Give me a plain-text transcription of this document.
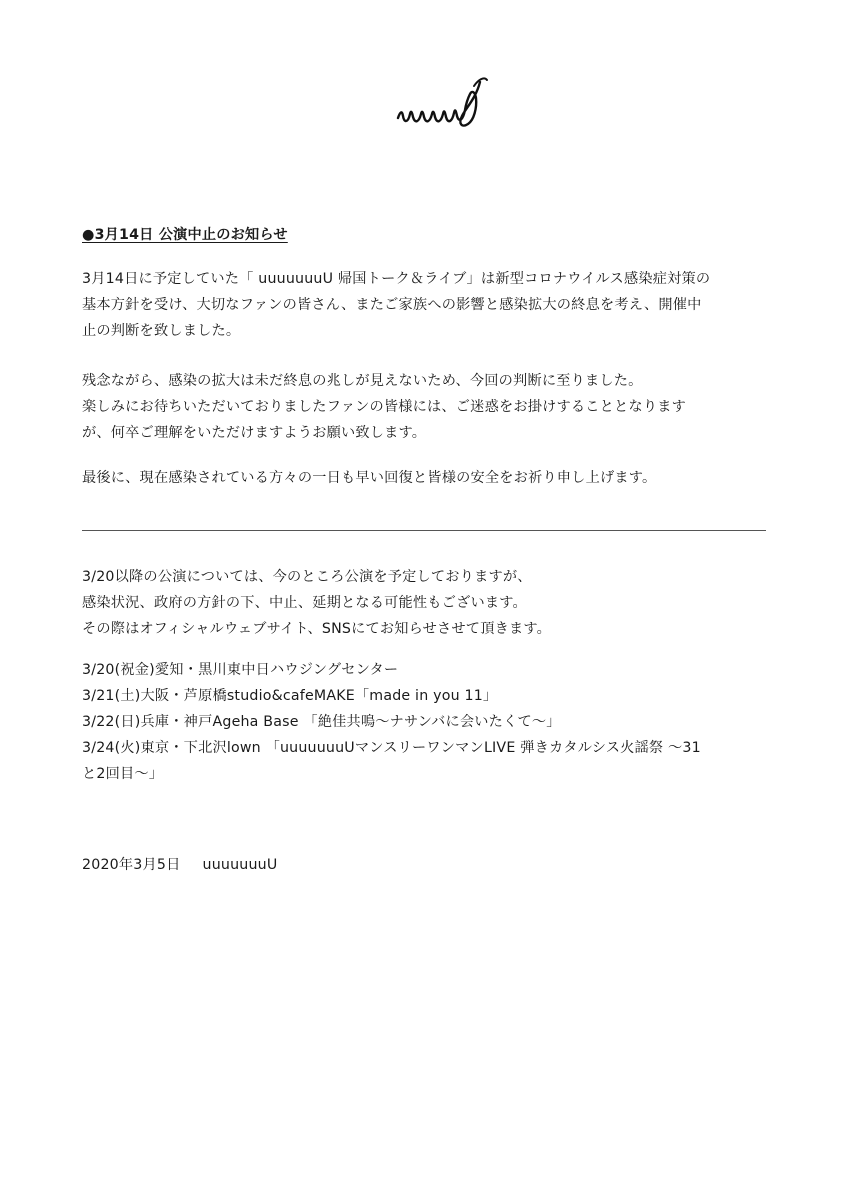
●3月14日 公演中止のお知らせ

3月14日に予定していた「 uuuuuuuU 帰国トーク＆ライブ」は新型コロナウイルス感染症対策の

基本方針を受け、大切なファンの皆さん、またご家族への影響と感染拡大の終息を考え、開催中

止の判断を致しました。

残念ながら、感染の拡大は未だ終息の兆しが見えないため、今回の判断に至りました。

楽しみにお待ちいただいておりましたファンの皆様には、ご迷惑をお掛けすることとなります

が、何卒ご理解をいただけますようお願い致します。

最後に、現在感染されている方々の一日も早い回復と皆様の安全をお祈り申し上げます。

3/20以降の公演については、今のところ公演を予定しておりますが、

感染状況、政府の方針の下、中止、延期となる可能性もございます。

その際はオフィシャルウェブサイト、SNSにてお知らせさせて頂きます。

3/20(祝金)愛知・黒川東中日ハウジングセンター

3/21(土)大阪・芦原橋studio&cafeMAKE「made in you 11」

3/22(日)兵庫・神戸Ageha Base 「絶佳共鳴〜ナサンバに会いたくて〜」

3/24(火)東京・下北沢lown 「uuuuuuuUマンスリーワンマンLIVE 弾きカタルシス火謡祭 〜31

と2回目〜」

2020年3月5日 uuuuuuuU
